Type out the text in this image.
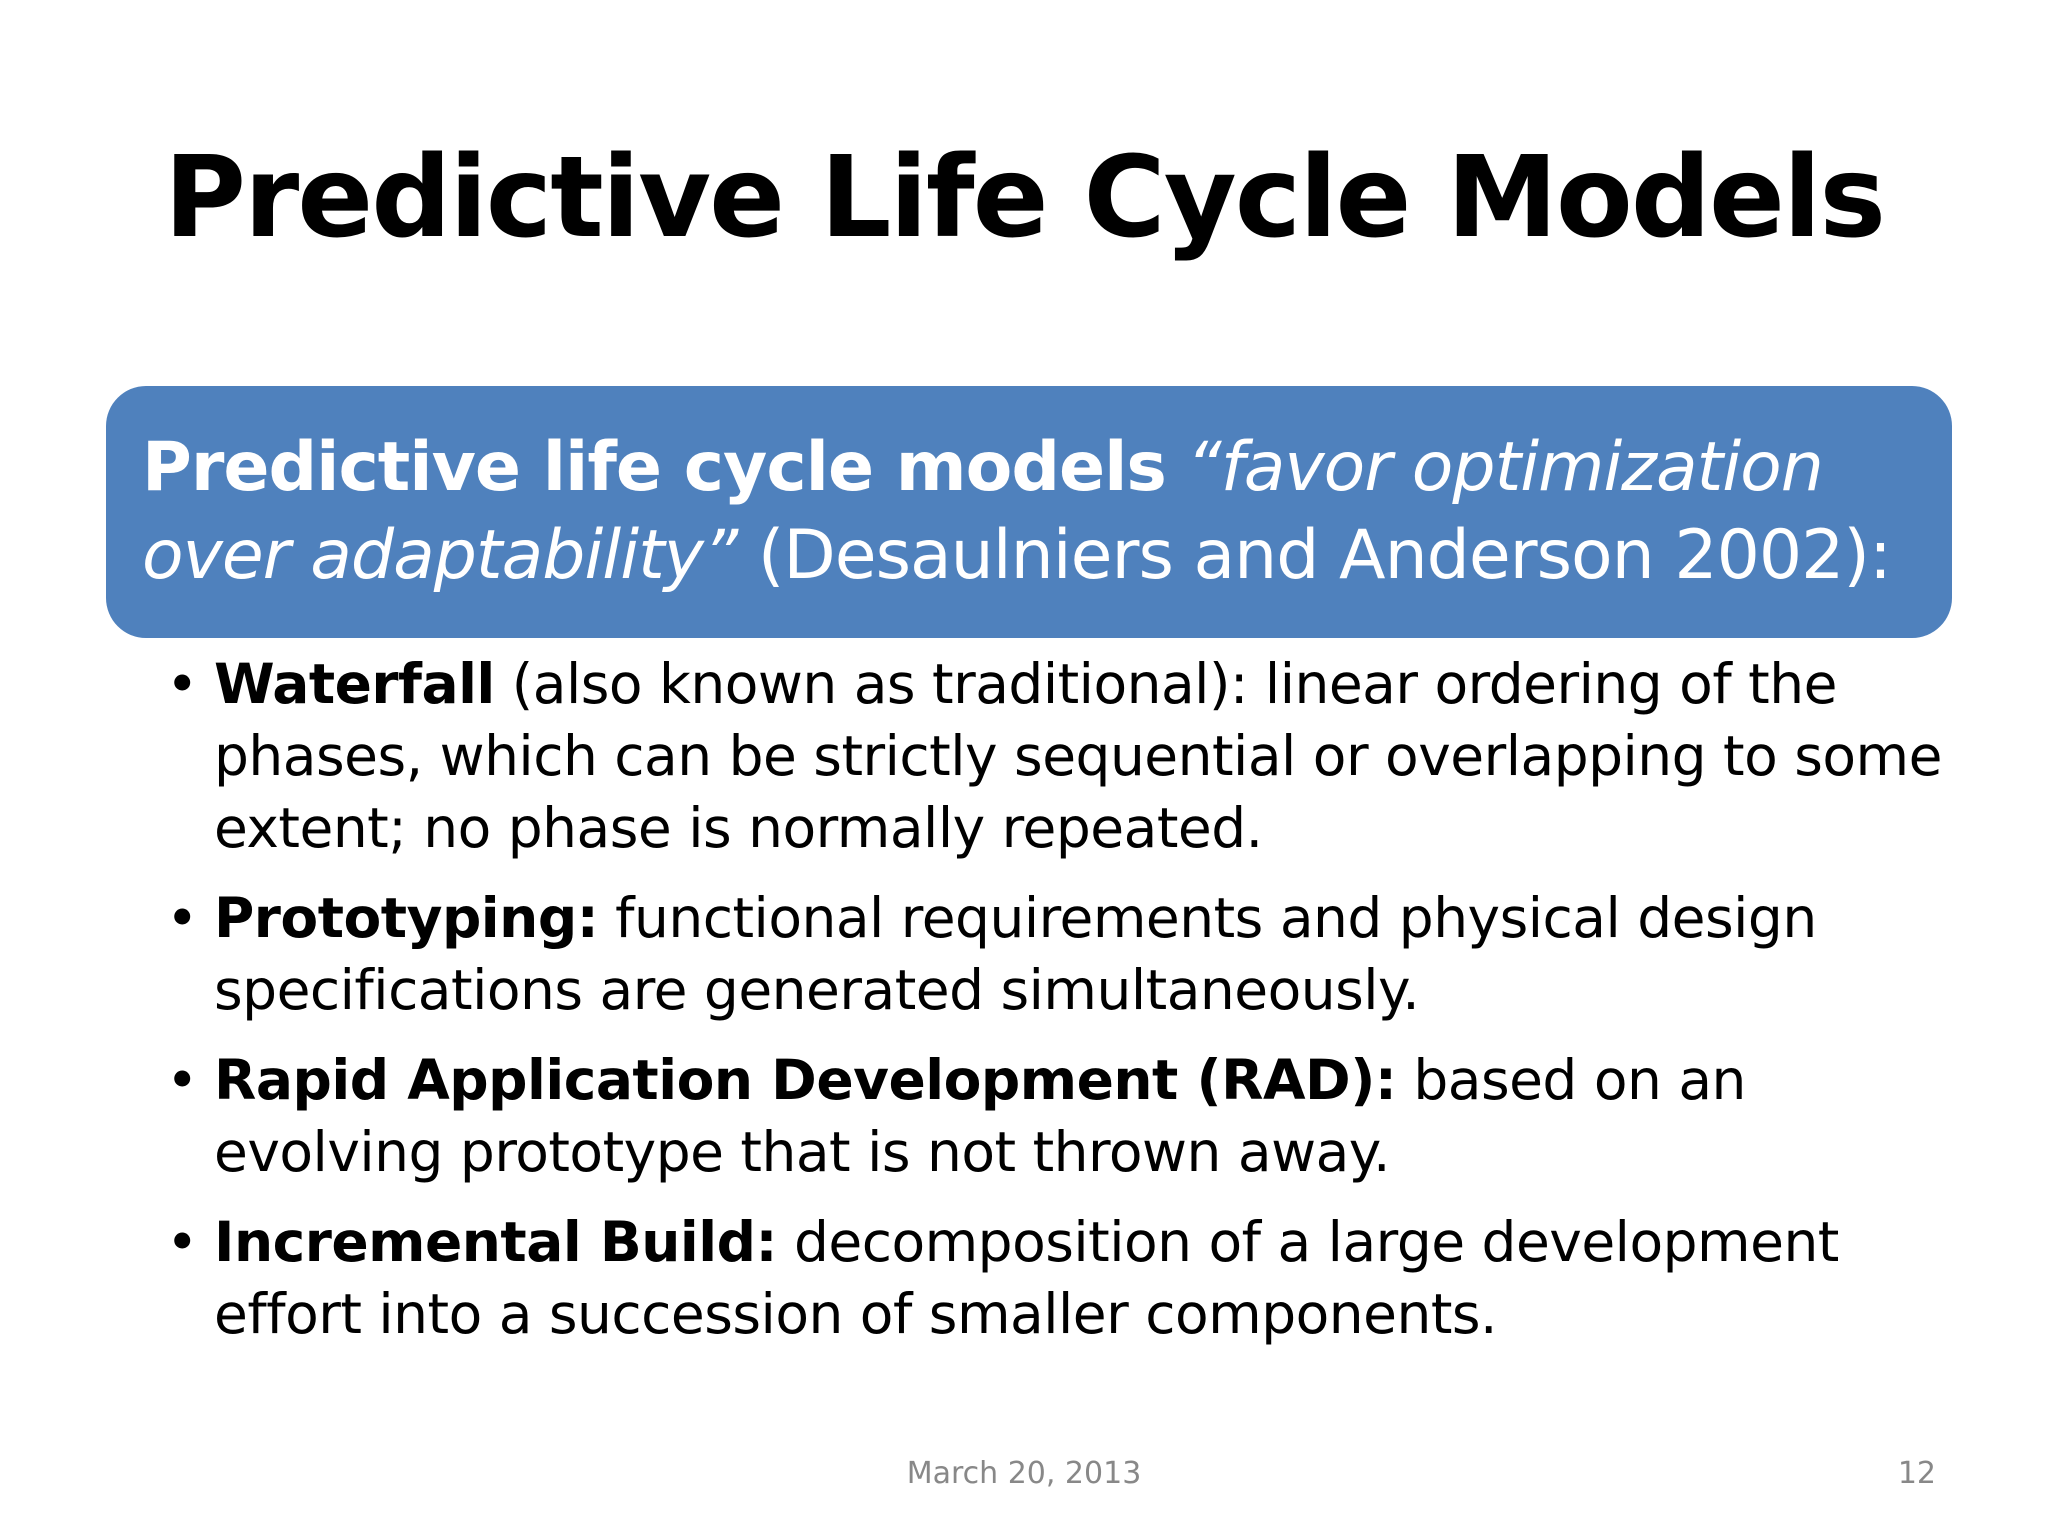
Predictive Life Cycle Models
Predictive life cycle models “favor optimization over adaptability” (Desaulniers and Anderson 2002):
• Waterfall (also known as traditional): linear ordering of the phases, which can be strictly sequential or overlapping to some extent; no phase is normally repeated.
• Prototyping: functional requirements and physical design specifications are generated simultaneously.
• Rapid Application Development (RAD): based on an evolving prototype that is not thrown away.
• Incremental Build: decomposition of a large development effort into a succession of smaller components.
March 20, 2013	12
